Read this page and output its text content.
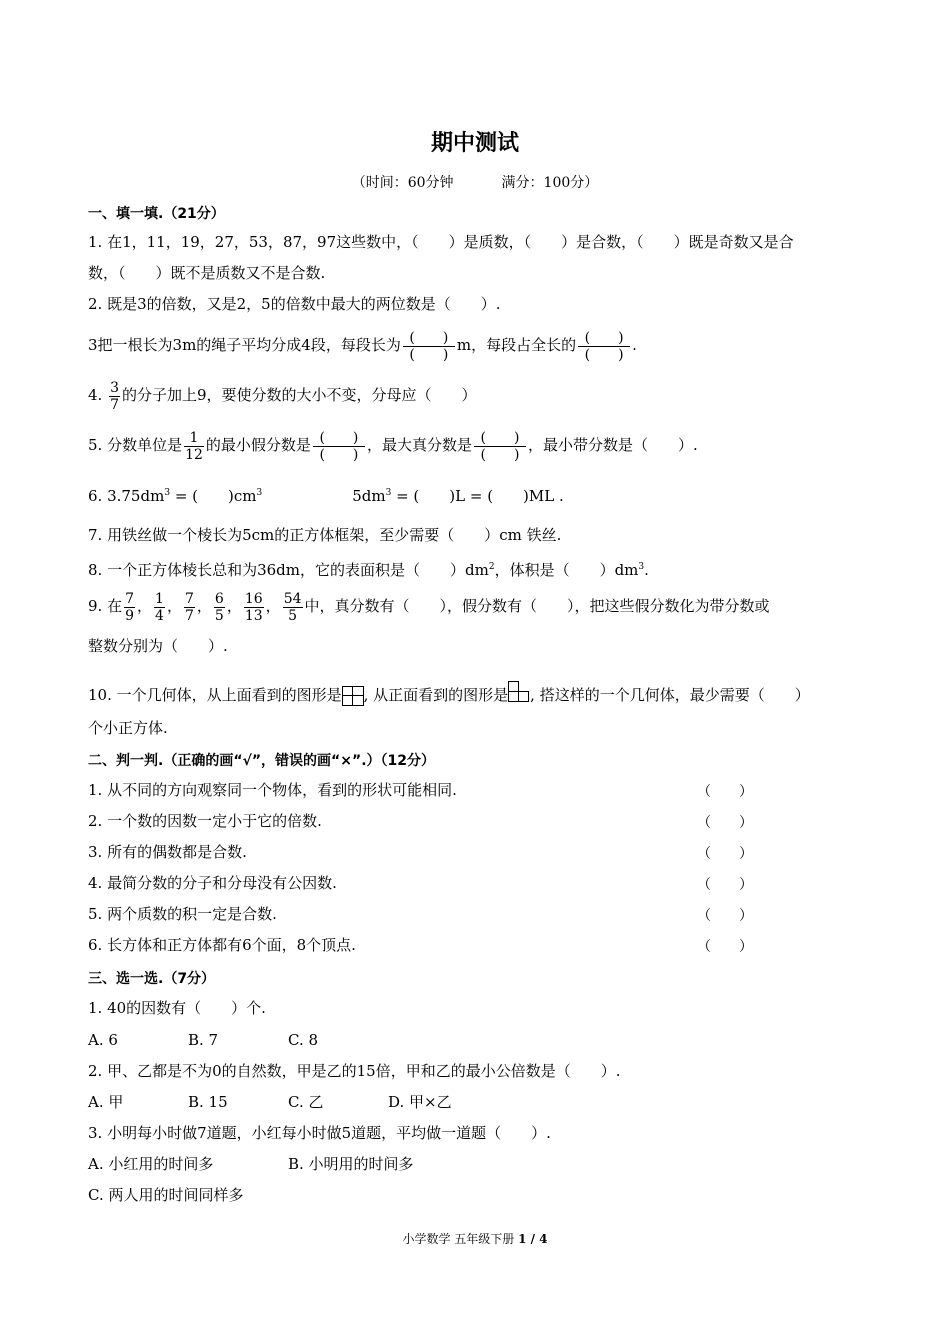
期中测试
（时间：60分钟	满分：100分）
一、填一填.（21分）
1. 在1，11，19，27，53，87，97这些数中，（　　）是质数，（　　）是合数，（　　）既是奇数又是合
数，（　　）既不是质数又不是合数.
2. 既是3的倍数，又是2，5的倍数中最大的两位数是（　　）.
3把一根长为3m的绳子平均分成4段，每段长为 $\frac{( )}{( )}$ m，每段占全长的 $\frac{( )}{( )}$ .
4. $\frac{3}{7}$ 的分子加上9，要使分数的大小不变，分母应（　　）
5. 分数单位是 $\frac{1}{12}$ 的最小假分数是 $\frac{( )}{( )}$ ，最大真分数是 $\frac{( )}{( )}$ ，最小带分数是（　　）.
6. $3.75dm^3$ = (　　)$cm^3$	$5dm^3$ = (　　)L = (　　)ML .
7. 用铁丝做一个棱长为5cm的正方体框架，至少需要（　　）cm 铁丝.
8. 一个正方体棱长总和为36dm，它的表面积是（　　）$dm^2$，体积是（　　）$dm^3$.
9. 在 $\frac{7}{9}$ ， $\frac{1}{4}$ ， $\frac{7}{7}$ ， $\frac{6}{5}$ ， $\frac{16}{13}$ ， $\frac{54}{5}$ 中，真分数有（　　），假分数有（　　），把这些假分数化为带分数或
整数分别为（　　）.
10. 一个几何体，从上面看到的图形是 , 从正面看到的图形是 , 搭这样的一个几何体，最少需要（　　）
个小正方体.
二、判一判.（正确的画“√”，错误的画“×”.）（12分）
1. 从不同的方向观察同一个物体，看到的形状可能相同.	（　　）
2. 一个数的因数一定小于它的倍数.	（　　）
3. 所有的偶数都是合数.	（　　）
4. 最简分数的分子和分母没有公因数.	（　　）
5. 两个质数的积一定是合数.	（　　）
6. 长方体和正方体都有6个面，8个顶点.	（　　）
三、选一选.（7分）
1. 40的因数有（　　）个.
A. 6	B. 7	C. 8
2. 甲、乙都是不为0的自然数，甲是乙的15倍，甲和乙的最小公倍数是（　　）.
A. 甲	B. 15	C. 乙	D. 甲×乙
3. 小明每小时做7道题，小红每小时做5道题，平均做一道题（　　）.
A. 小红用的时间多	B. 小明用的时间多
C. 两人用的时间同样多
小学数学 五年级下册 1 / 4
